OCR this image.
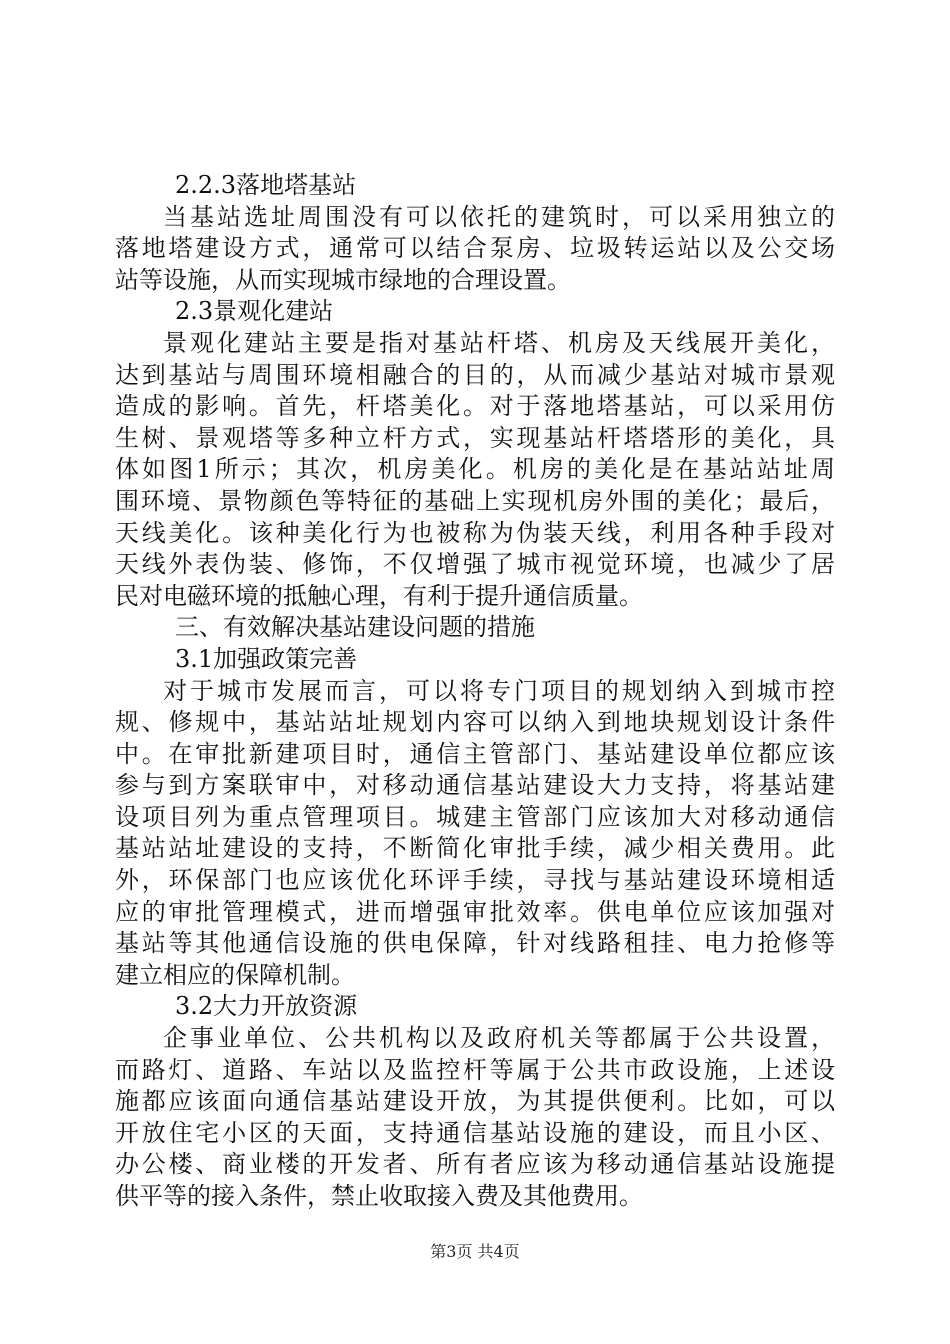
2.2.3落地塔基站
当基站选址周围没有可以依托的建筑时，可以采用独立的
落地塔建设方式，通常可以结合泵房、垃圾转运站以及公交场
站等设施，从而实现城市绿地的合理设置。
2.3景观化建站
景观化建站主要是指对基站杆塔、机房及天线展开美化，
达到基站与周围环境相融合的目的，从而减少基站对城市景观
造成的影响。首先，杆塔美化。对于落地塔基站，可以采用仿
生树、景观塔等多种立杆方式，实现基站杆塔塔形的美化，具
体如图1所示；其次，机房美化。机房的美化是在基站站址周
围环境、景物颜色等特征的基础上实现机房外围的美化；最后，
天线美化。该种美化行为也被称为伪装天线，利用各种手段对
天线外表伪装、修饰，不仅增强了城市视觉环境，也减少了居
民对电磁环境的抵触心理，有利于提升通信质量。
三、有效解决基站建设问题的措施
3.1加强政策完善
对于城市发展而言，可以将专门项目的规划纳入到城市控
规、修规中，基站站址规划内容可以纳入到地块规划设计条件
中。在审批新建项目时，通信主管部门、基站建设单位都应该
参与到方案联审中，对移动通信基站建设大力支持，将基站建
设项目列为重点管理项目。城建主管部门应该加大对移动通信
基站站址建设的支持，不断简化审批手续，减少相关费用。此
外，环保部门也应该优化环评手续，寻找与基站建设环境相适
应的审批管理模式，进而增强审批效率。供电单位应该加强对
基站等其他通信设施的供电保障，针对线路租挂、电力抢修等
建立相应的保障机制。
3.2大力开放资源
企事业单位、公共机构以及政府机关等都属于公共设置，
而路灯、道路、车站以及监控杆等属于公共市政设施，上述设
施都应该面向通信基站建设开放，为其提供便利。比如，可以
开放住宅小区的天面，支持通信基站设施的建设，而且小区、
办公楼、商业楼的开发者、所有者应该为移动通信基站设施提
供平等的接入条件，禁止收取接入费及其他费用。
第3页 共4页
